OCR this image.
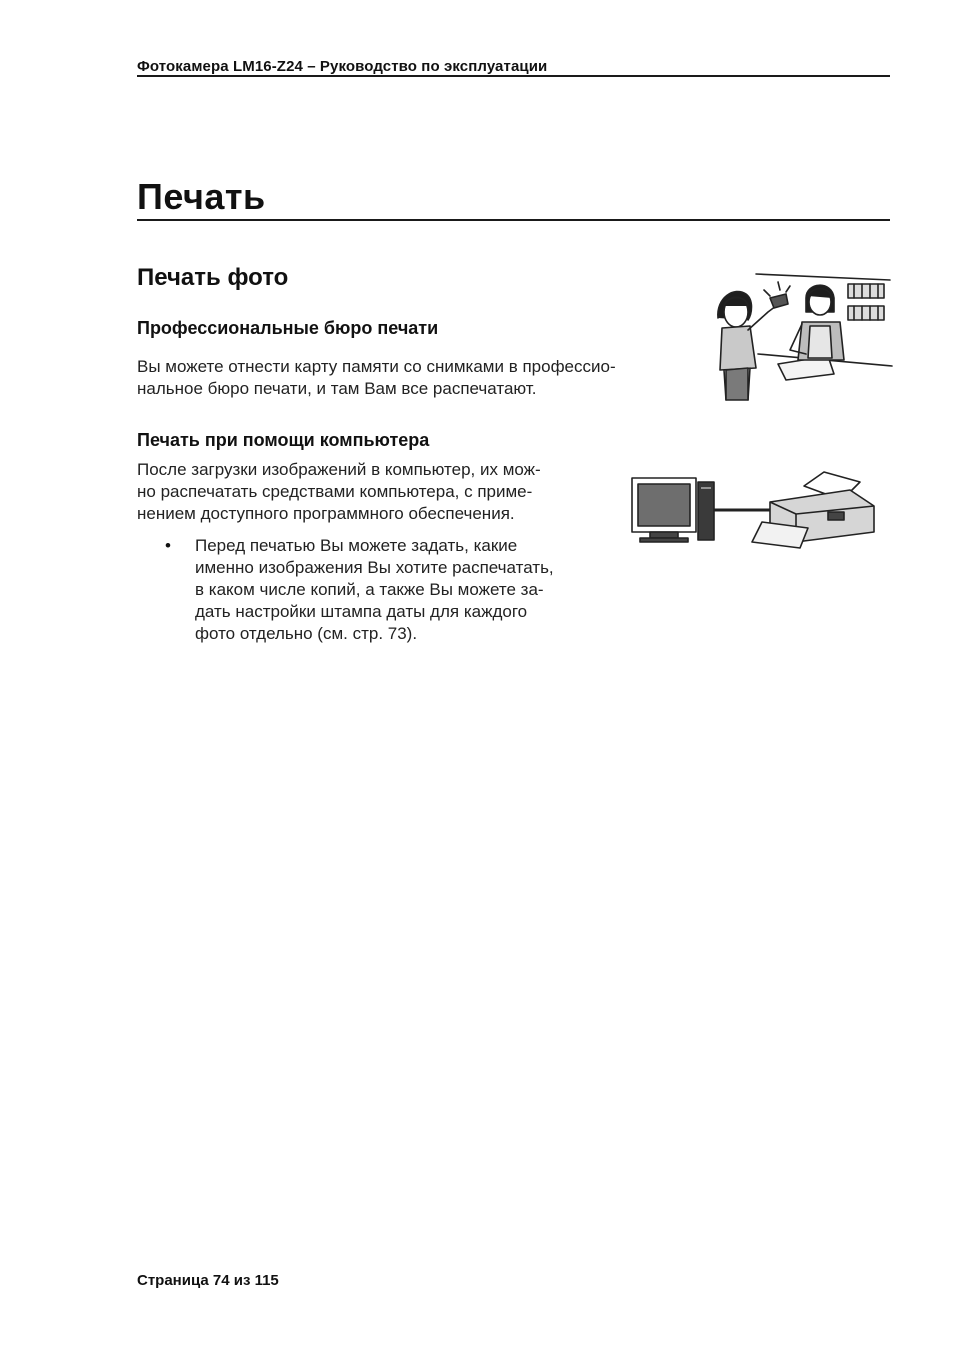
Фотокамера LM16-Z24 – Руководство по эксплуатации
Печать
Печать фото
Профессиональные бюро печати

Вы можете отнести карту памяти со снимками в профессио-
нальное бюро печати, и там Вам все распечатают.

Печать при помощи компьютера

После загрузки изображений в компьютер, их мож-
но распечатать средствами компьютера, с приме-
нением доступного программного обеспечения.

• Перед печатью Вы можете задать, какие
именно изображения Вы хотите распечатать,
в каком числе копий, а также Вы можете за-
дать настройки штампа даты для каждого
фото отдельно (см. стр. 73).

Страница 74 из 115
